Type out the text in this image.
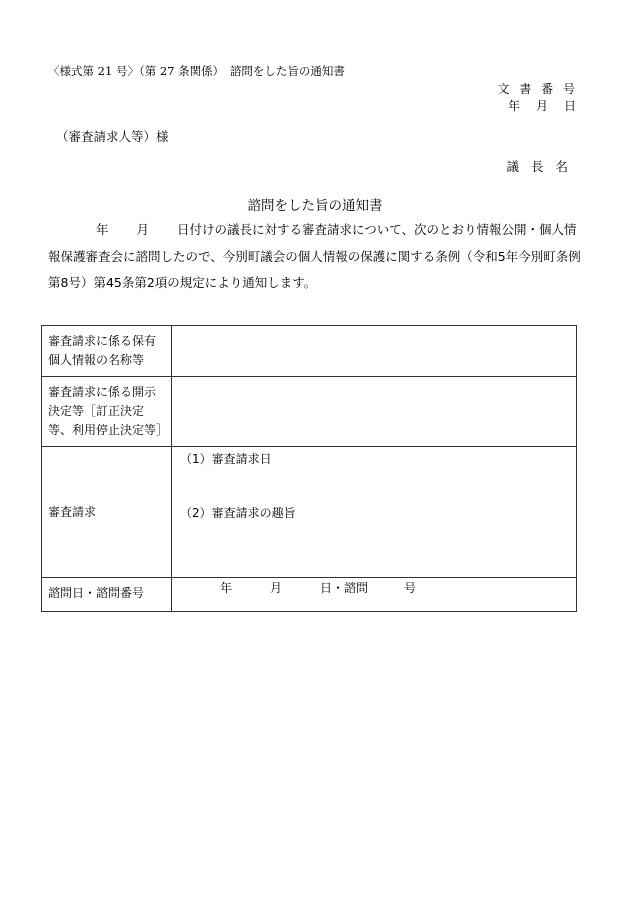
〈様式第 21 号〉（第 27 条関係）　諮問をした旨の通知書
文 書 番 号
年　月　日
（審査請求人等）様
議 長 名
諮問をした旨の通知書
年 月 日付けの議長に対する審査請求について、次のとおり情報公開・個人情報保護審査会に諮問したので、今別町議会の個人情報の保護に関する条例（令和5年今別町条例第8号）第45条第2項の規定により通知します。
審査請求に係る保有個人情報の名称等	
審査請求に係る開示決定等［訂正決定等、利用停止決定等］	
審査請求	（1）審査請求日
（2）審査請求の趣旨

諮問日・諮問番号	年 月 日・諮問 号
